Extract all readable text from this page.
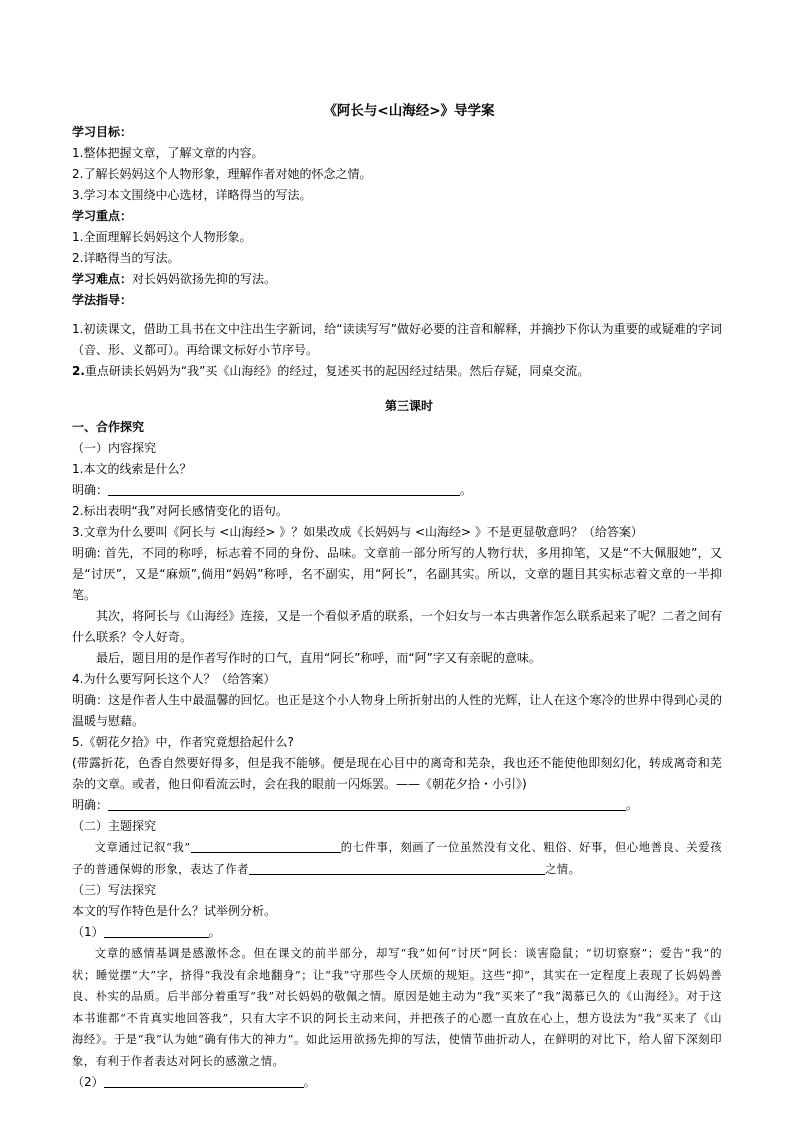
《阿长与<山海经>》导学案
学习目标：
1.整体把握文章，了解文章的内容。
2.了解长妈妈这个人物形象，理解作者对她的怀念之情。
3.学习本文围绕中心选材，详略得当的写法。
学习重点：
1.全面理解长妈妈这个人物形象。
2.详略得当的写法。
学习难点：对长妈妈欲扬先抑的写法。
学法指导：
1.初读课文，借助工具书在文中注出生字新词，给“读读写写”做好必要的注音和解释，并摘抄下你认为重要的或疑难的字词（音、形、义都可）。再给课文标好小节序号。
2.重点研读长妈妈为“我”买《山海经》的经过，复述买书的起因经过结果。然后存疑，同桌交流。
第三课时
一、合作探究
（一）内容探究
1.本文的线索是什么？
明确：	。
2.标出表明“我”对阿长感情变化的语句。
3.文章为什么要叫《阿长与 <山海经> 》？如果改成《长妈妈与 <山海经> 》不是更显敬意吗？（给答案）
明确: 首先，不同的称呼，标志着不同的身份、品味。文章前一部分所写的人物行状，多用抑笔，又是“不大佩服她”，又是“讨厌”，又是“麻烦”,倘用“妈妈”称呼，名不副实，用“阿长”，名副其实。所以，文章的题目其实标志着文章的一半抑笔。
其次，将阿长与《山海经》连接，又是一个看似矛盾的联系，一个妇女与一本古典著作怎么联系起来了呢？二者之间有什么联系？令人好奇。
最后，题目用的是作者写作时的口气，直用“阿长”称呼，而“阿”字又有亲昵的意味。
4.为什么要写阿长这个人？（给答案）
明确：这是作者人生中最温馨的回忆。也正是这个小人物身上所折射出的人性的光辉，让人在这个寒冷的世界中得到心灵的温暖与慰藉。
5.《朝花夕拾》中，作者究竟想拾起什么?
(带露折花，色香自然要好得多，但是我不能够。便是现在心目中的离奇和芜杂，我也还不能使他即刻幻化，转成离奇和芜杂的文章。或者，他日仰看流云时，会在我的眼前一闪烁罢。——《朝花夕拾・小引》)
明确：	。
（二）主题探究
文章通过记叙“我”	的七件事，刻画了一位虽然没有文化、粗俗、好事，但心地善良、关爱孩子的普通保姆的形象，表达了作者	之情。
（三）写法探究
本文的写作特色是什么？试举例分析。
（1）	。
文章的感情基调是感激怀念。但在课文的前半部分，却写“我”如何“讨厌”阿长：谈害隐鼠；“切切察察”；爱告“我”的状；睡觉摆“大”字，挤得“我没有余地翻身”；让“我”守那些令人厌烦的规矩。这些“抑”，其实在一定程度上表现了长妈妈善良、朴实的品质。后半部分着重写“我”对长妈妈的敬佩之情。原因是她主动为“我”买来了“我”渴慕已久的《山海经》。对于这本书谁都“不肯真实地回答我”，只有大字不识的阿长主动来问，并把孩子的心愿一直放在心上，想方设法为“我”买来了《山海经》。于是“我”认为她“确有伟大的神力”。如此运用欲扬先抑的写法，使情节曲折动人，在鲜明的对比下，给人留下深刻印象，有利于作者表达对阿长的感激之情。
（2）	。
